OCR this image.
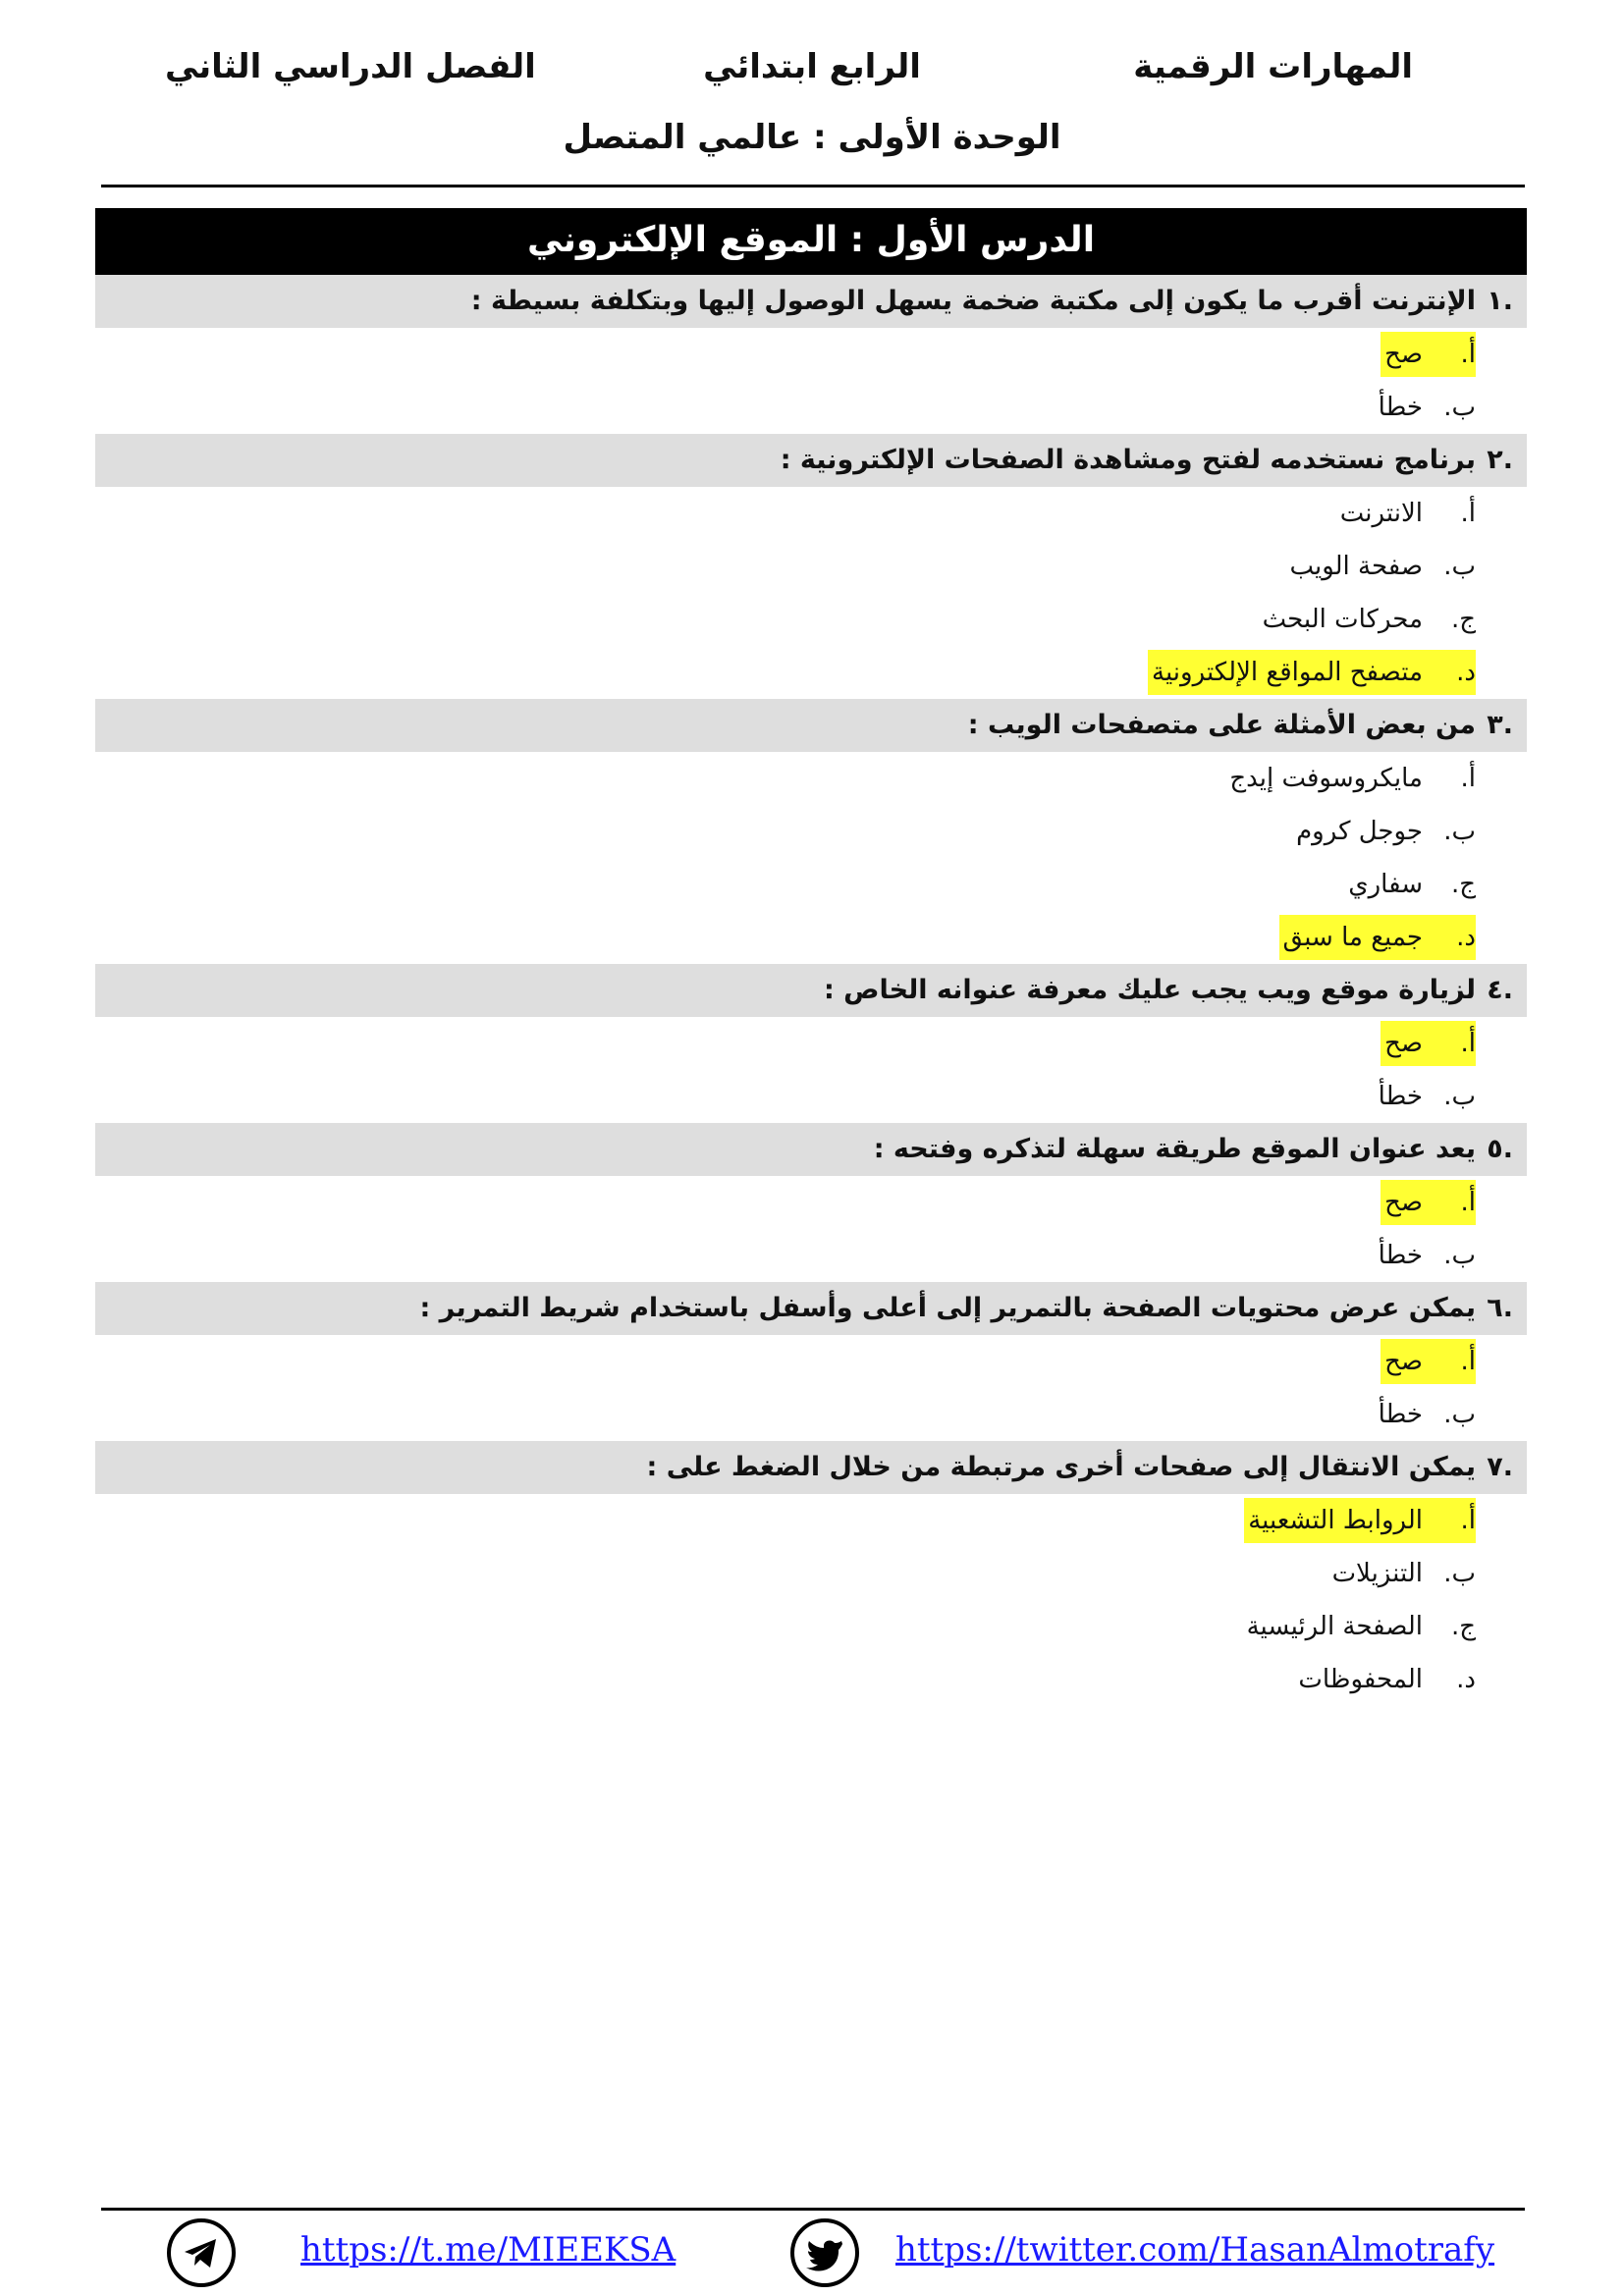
المهارات الرقمية
الرابع ابتدائي
الفصل الدراسي الثاني
الوحدة الأولى : عالمي المتصل
الدرس الأول : الموقع الإلكتروني
.١
الإنترنت أقرب ما يكون إلى مكتبة ضخمة يسهل الوصول إليها وبتكلفة بسيطة :
صح	أ.
خطأ ب.
.٢
برنامج نستخدمه لفتح ومشاهدة الصفحات الإلكترونية :
الانترنت أ.
صفحة الويب ب.
محركات البحث ج.
متصفح المواقع الإلكترونية	د.
.٣
من بعض الأمثلة على متصفحات الويب :
مايكروسوفت إيدج أ.
جوجل كروم ب.
سفاري ج.
جميع ما سبق	د.
.٤
لزيارة موقع ويب يجب عليك معرفة عنوانه الخاص :
صح	أ.
خطأ ب.
.٥
يعد عنوان الموقع طريقة سهلة لتذكره وفتحه :
صح	أ.
خطأ ب.
.٦
يمكن عرض محتويات الصفحة بالتمرير إلى أعلى وأسفل باستخدام شريط التمرير :
صح	أ.
خطأ ب.
.٧
يمكن الانتقال إلى صفحات أخرى مرتبطة من خلال الضغط على :
الروابط التشعبية	أ.
التنزيلات ب.
الصفحة الرئيسية ج.
المحفوظات د.
https://t.me/MIEEKSA	https://twitter.com/HasanAlmotrafy
